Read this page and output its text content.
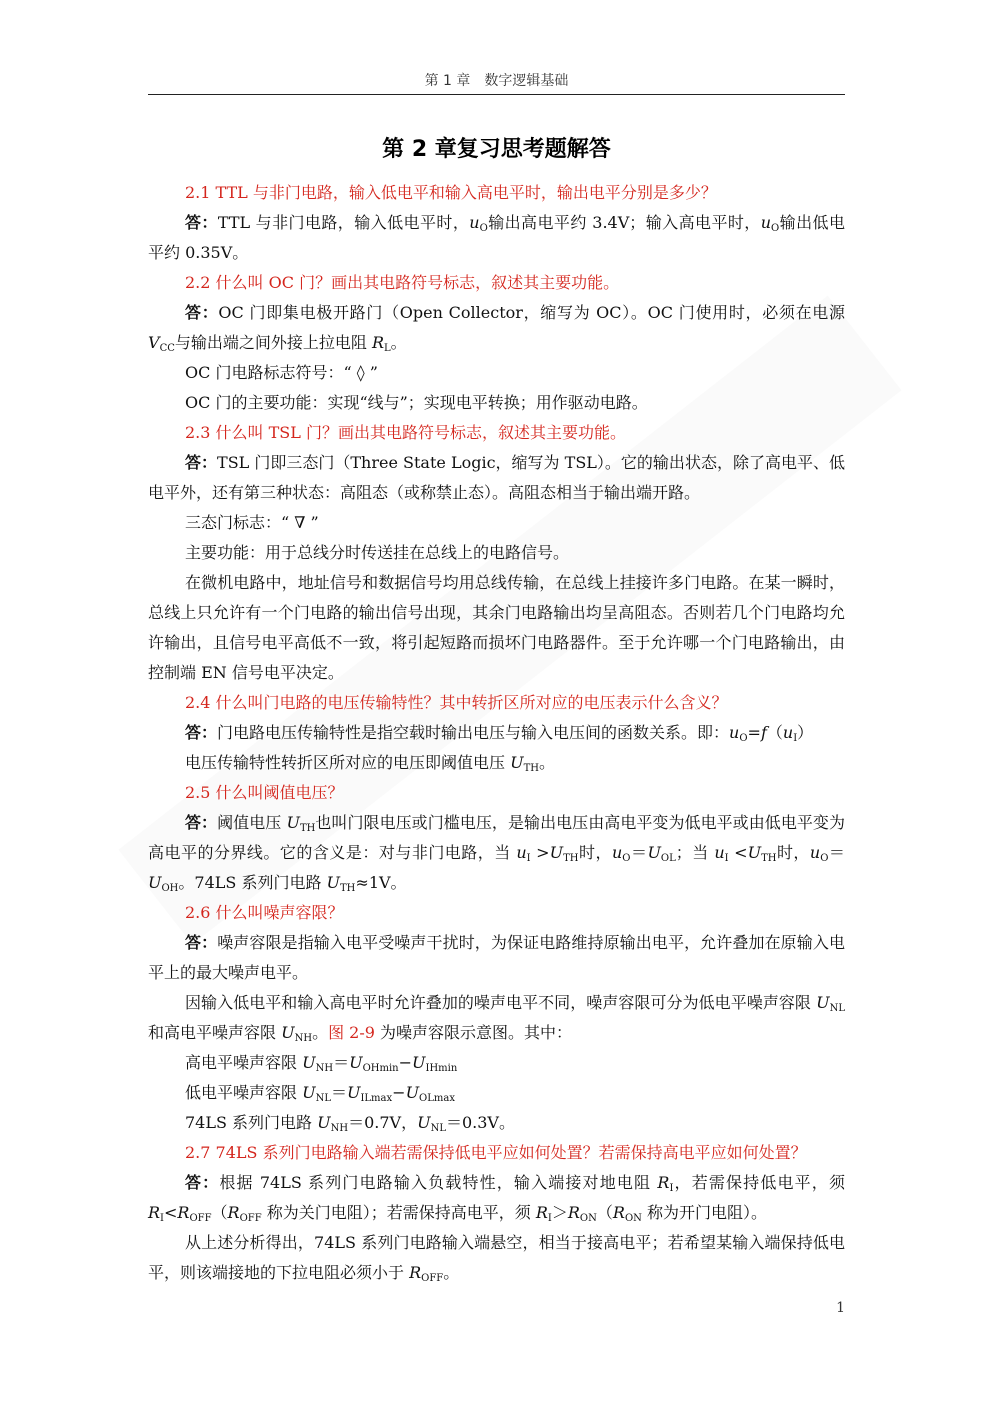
第 1 章　数字逻辑基础
第 2 章复习思考题解答

2.1 TTL 与非门电路，输入低电平和输入高电平时，输出电平分别是多少？

答：TTL 与非门电路，输入低电平时，$u_O$输出高电平约 3.4V；输入高电平时，$u_O$输出低电平约 0.35V。

2.2 什么叫 OC 门？画出其电路符号标志，叙述其主要功能。

答：OC 门即集电极开路门（Open Collector，缩写为 OC）。OC 门使用时，必须在电源 $V_{CC}$与输出端之间外接上拉电阻 $R_L$。

OC 门电路标志符号：“ ◊ ”

OC 门的主要功能：实现“线与”；实现电平转换；用作驱动电路。

2.3 什么叫 TSL 门？画出其电路符号标志，叙述其主要功能。

答：TSL 门即三态门（Three State Logic，缩写为 TSL）。它的输出状态，除了高电平、低电平外，还有第三种状态：高阻态（或称禁止态）。高阻态相当于输出端开路。

三态门标志：“ ∇ ”

主要功能：用于总线分时传送挂在总线上的电路信号。

在微机电路中，地址信号和数据信号均用总线传输，在总线上挂接许多门电路。在某一瞬时，总线上只允许有一个门电路的输出信号出现，其余门电路输出均呈高阻态。否则若几个门电路均允许输出，且信号电平高低不一致，将引起短路而损坏门电路器件。至于允许哪一个门电路输出，由控制端 EN 信号电平决定。

2.4 什么叫门电路的电压传输特性？其中转折区所对应的电压表示什么含义？

答：门电路电压传输特性是指空载时输出电压与输入电压间的函数关系。即：$u_O=f(u_I)$

电压传输特性转折区所对应的电压即阈值电压 $U_{TH}$。

2.5 什么叫阈值电压？

答：阈值电压 $U_{TH}$也叫门限电压或门槛电压，是输出电压由高电平变为低电平或由低电平变为高电平的分界线。它的含义是：对与非门电路，当 $u_I >U_{TH}$时，$u_O=U_{OL}$；当 $u_I <U_{TH}$时，$u_O=U_{OH}$。74LS 系列门电路 $U_{TH}\approx 1V$。

2.6 什么叫噪声容限？

答：噪声容限是指输入电平受噪声干扰时，为保证电路维持原输出电平，允许叠加在原输入电平上的最大噪声电平。

因输入低电平和输入高电平时允许叠加的噪声电平不同，噪声容限可分为低电平噪声容限 $U_{NL}$ 和高电平噪声容限 $U_{NH}$。图 2-9 为噪声容限示意图。其中：

高电平噪声容限 $U_{NH}=U_{OHmin}-U_{IHmin}$

低电平噪声容限 $U_{NL}=U_{ILmax}-U_{OLmax}$

74LS 系列门电路 $U_{NH}=0.7V$，$U_{NL}=0.3V$。

2.7 74LS 系列门电路输入端若需保持低电平应如何处置？若需保持高电平应如何处置？

答：根据 74LS 系列门电路输入负载特性，输入端接对地电阻 $R_I$，若需保持低电平，须 $R_I<R_{OFF}(R_{OFF}$ 称为关门电阻）；若需保持高电平，须 $R_I>R_{ON}(R_{ON}$ 称为开门电阻）。

从上述分析得出，74LS 系列门电路输入端悬空，相当于接高电平；若希望某输入端保持低电平，则该端接地的下拉电阻必须小于 $R_{OFF}$。

1
